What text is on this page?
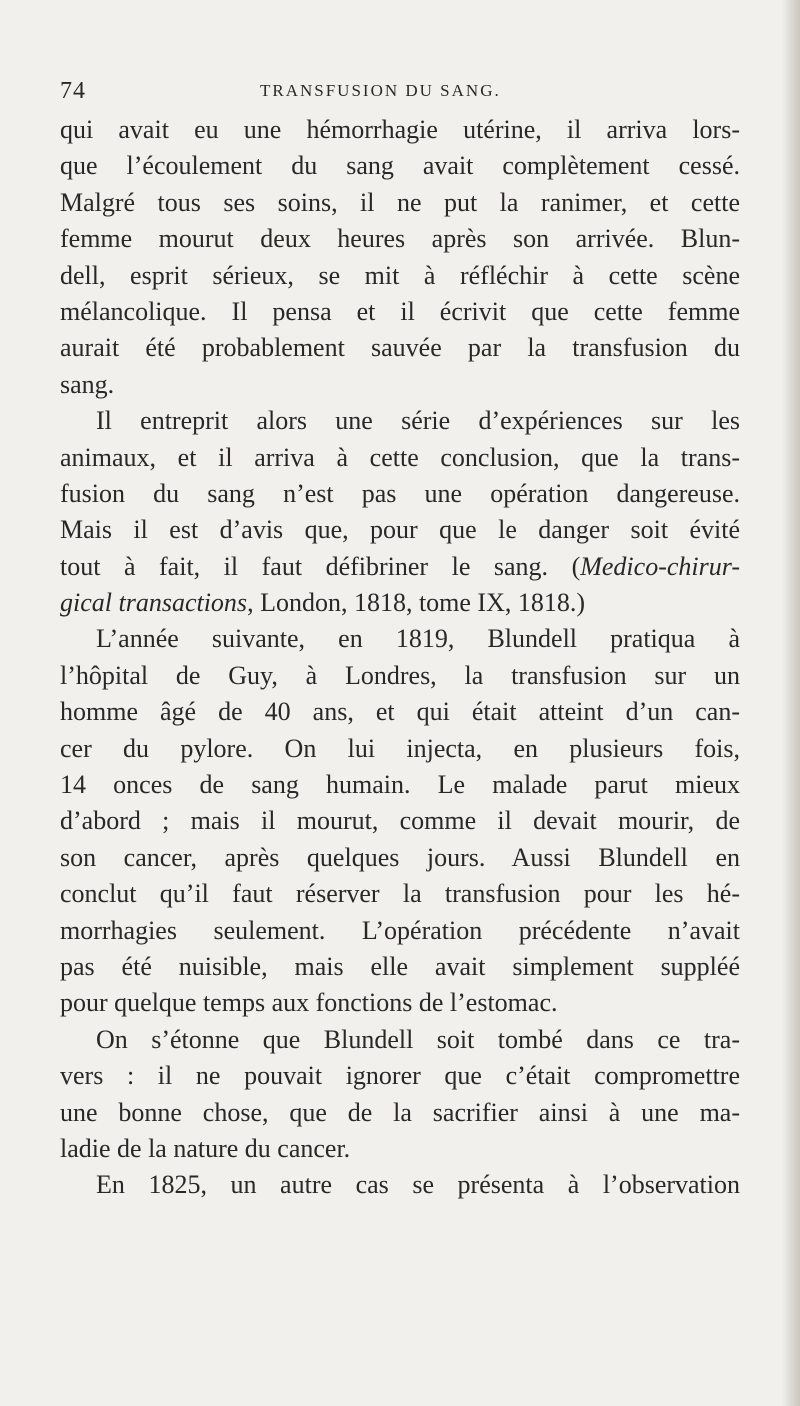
74	TRANSFUSION DU SANG.
qui avait eu une hémorrhagie utérine, il arriva lors-
que l’écoulement du sang avait complètement cessé.
Malgré tous ses soins, il ne put la ranimer, et cette
femme mourut deux heures après son arrivée. Blun-
dell, esprit sérieux, se mit à réfléchir à cette scène
mélancolique. Il pensa et il écrivit que cette femme
aurait été probablement sauvée par la transfusion du
sang.
Il entreprit alors une série d’expériences sur les
animaux, et il arriva à cette conclusion, que la trans-
fusion du sang n’est pas une opération dangereuse.
Mais il est d’avis que, pour que le danger soit évité
tout à fait, il faut défibriner le sang. (Medico-chirur-
gical transactions, London, 1818, tome IX, 1818.)
L’année suivante, en 1819, Blundell pratiqua à
l’hôpital de Guy, à Londres, la transfusion sur un
homme âgé de 40 ans, et qui était atteint d’un can-
cer du pylore. On lui injecta, en plusieurs fois,
14 onces de sang humain. Le malade parut mieux
d’abord ; mais il mourut, comme il devait mourir, de
son cancer, après quelques jours. Aussi Blundell en
conclut qu’il faut réserver la transfusion pour les hé-
morrhagies seulement. L’opération précédente n’avait
pas été nuisible, mais elle avait simplement suppléé
pour quelque temps aux fonctions de l’estomac.
On s’étonne que Blundell soit tombé dans ce tra-
vers : il ne pouvait ignorer que c’était compromettre
une bonne chose, que de la sacrifier ainsi à une ma-
ladie de la nature du cancer.
En 1825, un autre cas se présenta à l’observation
